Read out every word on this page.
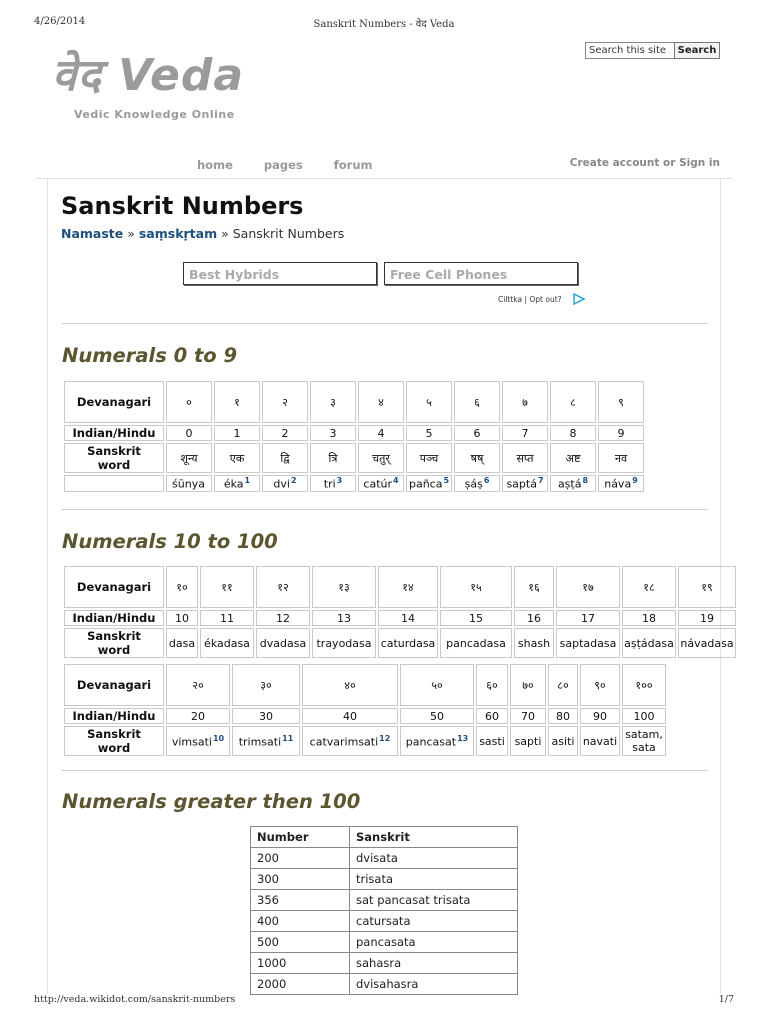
4/26/2014	Sanskrit Numbers - वेद Veda
Search this site	Search
वेद Veda
Vedic Knowledge Online
home	pages	forum	Create account or Sign in
Sanskrit Numbers
Namaste » saṃskṛtam » Sanskrit Numbers
Best Hybrids	Free Cell Phones
Cilttka | Opt out?
Numerals 0 to 9
Devanagari	०	१	२	३	४	५	६	७	८	९
Indian/Hindu	0	1	2	3	4	5	6	7	8	9
Sanskrit
word	शून्य	एक	द्वि	त्रि	चतुर्	पञ्च	षष्	सप्त	अष्ट	नव
	śūnya	éka$^1$	dvi$^2$	tri$^3$	catúr$^4$	pañca$^5$	ṣáṣ$^6$	saptá$^7$	aṣṭá$^8$	náva$^9$
Numerals 10 to 100
Devanagari	१०	११	१२	१३	१४	१५	१६	१७	१८	१९
Indian/Hindu	10	11	12	13	14	15	16	17	18	19
Sanskrit
word	dasa	ékadasa	dvadasa	trayodasa	caturdasa	pancadasa	shash	saptadasa	aṣṭádasa	návadasa
Devanagari	२०	३०	४०	५०	६०	७०	८०	९०	१००
Indian/Hindu	20	30	40	50	60	70	80	90	100
Sanskrit
word	vimsati$^{10}$	trimsati$^{11}$	catvarimsati$^{12}$	pancasat$^{13}$	sasti	sapti	asiti	navati	satam, sata
Numerals greater then 100
Number	Sanskrit
200	dvisata
300	trisata
356	sat pancasat trisata
400	catursata
500	pancasata
1000	sahasra
2000	dvisahasra
http://veda.wikidot.com/sanskrit-numbers	1/7
